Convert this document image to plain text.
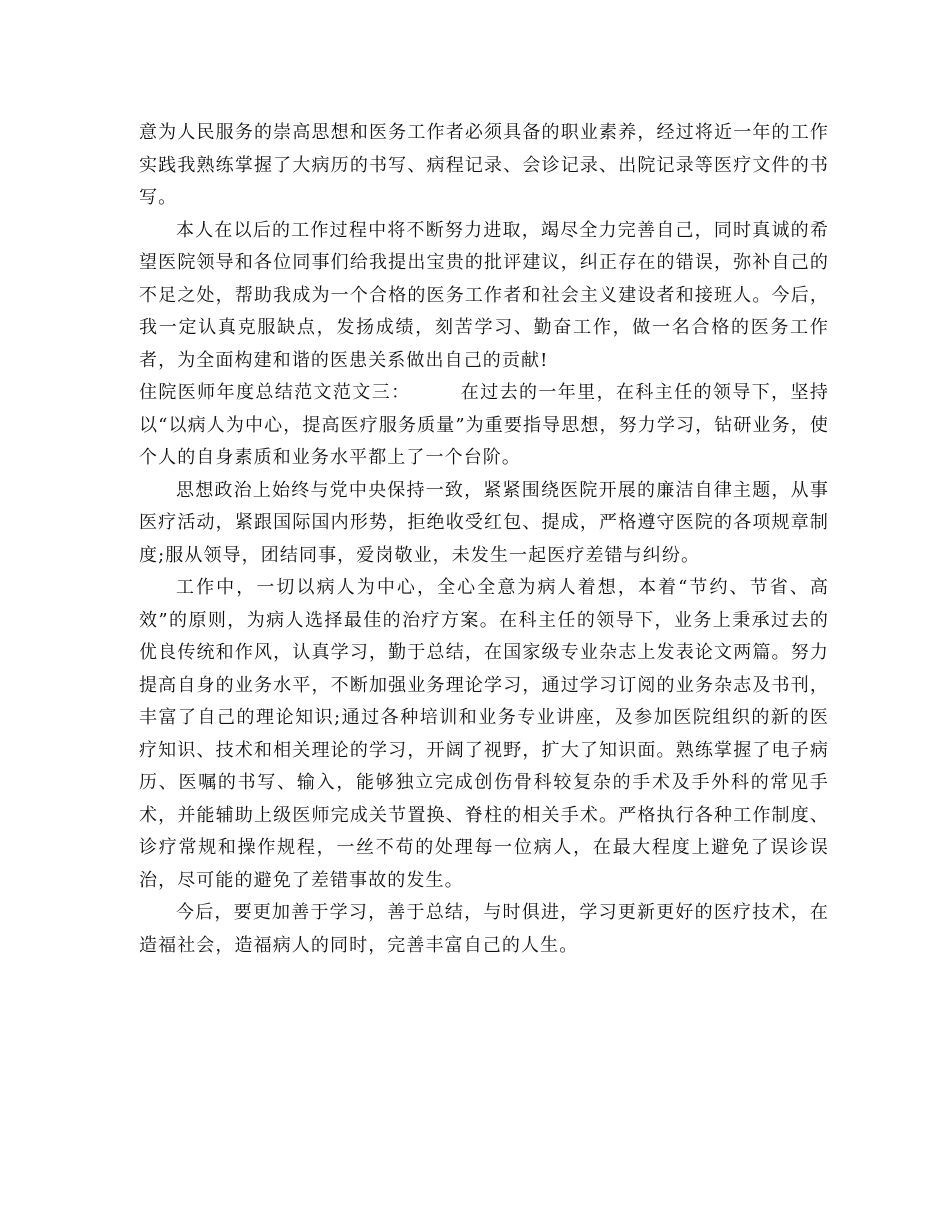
意为人民服务的崇高思想和医务工作者必须具备的职业素养，经过将近一年的工作实践我熟练掌握了大病历的书写、病程记录、会诊记录、出院记录等医疗文件的书写。

本人在以后的工作过程中将不断努力进取，竭尽全力完善自己，同时真诚的希望医院领导和各位同事们给我提出宝贵的批评建议，纠正存在的错误，弥补自己的不足之处，帮助我成为一个合格的医务工作者和社会主义建设者和接班人。今后，我一定认真克服缺点，发扬成绩，刻苦学习、勤奋工作，做一名合格的医务工作者，为全面构建和谐的医患关系做出自己的贡献!

住院医师年度总结范文范文三：	在过去的一年里，在科主任的领导下，坚持以“以病人为中心，提高医疗服务质量”为重要指导思想，努力学习，钻研业务，使个人的自身素质和业务水平都上了一个台阶。

思想政治上始终与党中央保持一致，紧紧围绕医院开展的廉洁自律主题，从事医疗活动，紧跟国际国内形势，拒绝收受红包、提成，严格遵守医院的各项规章制度;服从领导，团结同事，爱岗敬业，未发生一起医疗差错与纠纷。

工作中，一切以病人为中心，全心全意为病人着想，本着“节约、节省、高效”的原则，为病人选择最佳的治疗方案。在科主任的领导下，业务上秉承过去的优良传统和作风，认真学习，勤于总结，在国家级专业杂志上发表论文两篇。努力提高自身的业务水平，不断加强业务理论学习，通过学习订阅的业务杂志及书刊，丰富了自己的理论知识;通过各种培训和业务专业讲座，及参加医院组织的新的医疗知识、技术和相关理论的学习，开阔了视野，扩大了知识面。熟练掌握了电子病历、医嘱的书写、输入，能够独立完成创伤骨科较复杂的手术及手外科的常见手术，并能辅助上级医师完成关节置换、脊柱的相关手术。严格执行各种工作制度、诊疗常规和操作规程，一丝不苟的处理每一位病人，在最大程度上避免了误诊误治，尽可能的避免了差错事故的发生。

今后，要更加善于学习，善于总结，与时俱进，学习更新更好的医疗技术，在造福社会，造福病人的同时，完善丰富自己的人生。
